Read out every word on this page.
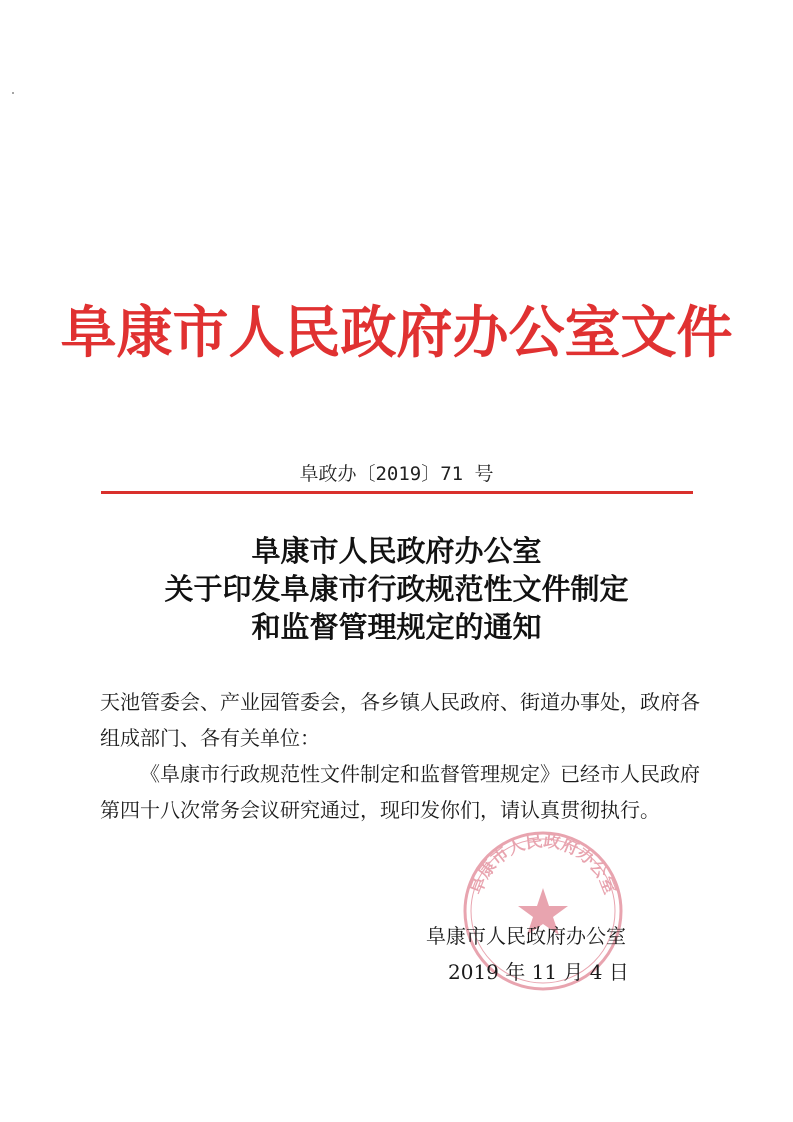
阜康市人民政府办公室文件
阜政办〔2019〕71 号
阜康市人民政府办公室
关于印发阜康市行政规范性文件制定
和监督管理规定的通知

天池管委会、产业园管委会，各乡镇人民政府、街道办事处，政府各组成部门、各有关单位：

《阜康市行政规范性文件制定和监督管理规定》已经市人民政府第四十八次常务会议研究通过，现印发你们，请认真贯彻执行。

阜康市人民政府办公室
阜康市人民政府办公室
2019 年 11 月 4 日
